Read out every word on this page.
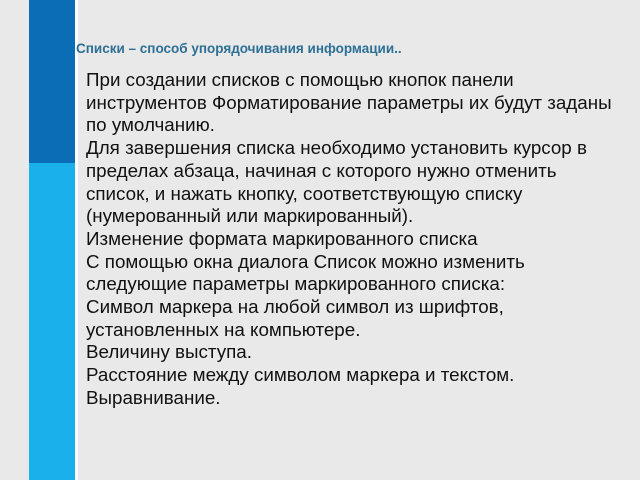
Списки – способ упорядочивания информации..

При создании списков с помощью кнопок панели инструментов Форматирование параметры их будут заданы по умолчанию.

Для завершения списка необходимо установить курсор в пределах абзаца, начиная с которого нужно отменить список, и нажать кнопку, соответствующую списку (нумерованный или маркированный).

Изменение формата маркированного списка

С помощью окна диалога Список можно изменить следующие параметры маркированного списка:

Символ маркера на любой символ из шрифтов, установленных на компьютере.

Величину выступа.

Расстояние между символом маркера и текстом.

Выравнивание.
